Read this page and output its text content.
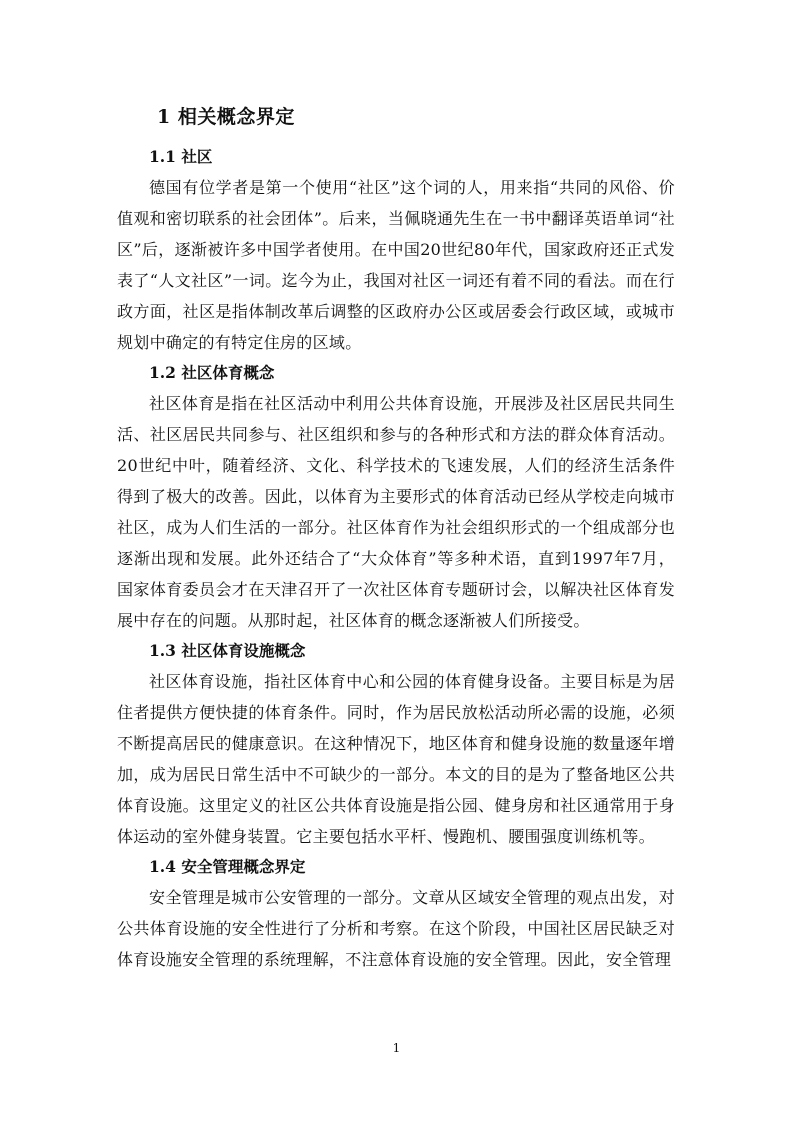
1 相关概念界定
1.1 社区

德国有位学者是第一个使用“社区”这个词的人，用来指“共同的风俗、价值观和密切联系的社会团体”。后来，当佩晓通先生在一书中翻译英语单词“社区”后，逐渐被许多中国学者使用。在中国20世纪80年代，国家政府还正式发表了“人文社区”一词。迄今为止，我国对社区一词还有着不同的看法。而在行政方面，社区是指体制改革后调整的区政府办公区或居委会行政区域，或城市规划中确定的有特定住房的区域。

1.2 社区体育概念

社区体育是指在社区活动中利用公共体育设施，开展涉及社区居民共同生活、社区居民共同参与、社区组织和参与的各种形式和方法的群众体育活动。20世纪中叶，随着经济、文化、科学技术的飞速发展，人们的经济生活条件得到了极大的改善。因此，以体育为主要形式的体育活动已经从学校走向城市社区，成为人们生活的一部分。社区体育作为社会组织形式的一个组成部分也逐渐出现和发展。此外还结合了“大众体育”等多种术语，直到1997年7月，国家体育委员会才在天津召开了一次社区体育专题研讨会，以解决社区体育发展中存在的问题。从那时起，社区体育的概念逐渐被人们所接受。

1.3 社区体育设施概念

社区体育设施，指社区体育中心和公园的体育健身设备。主要目标是为居住者提供方便快捷的体育条件。同时，作为居民放松活动所必需的设施，必须不断提高居民的健康意识。在这种情况下，地区体育和健身设施的数量逐年增加，成为居民日常生活中不可缺少的一部分。本文的目的是为了整备地区公共体育设施。这里定义的社区公共体育设施是指公园、健身房和社区通常用于身体运动的室外健身装置。它主要包括水平杆、慢跑机、腰围强度训练机等。

1.4 安全管理概念界定

安全管理是城市公安管理的一部分。文章从区域安全管理的观点出发，对公共体育设施的安全性进行了分析和考察。在这个阶段，中国社区居民缺乏对体育设施安全管理的系统理解，不注意体育设施的安全管理。因此，安全管理

1
